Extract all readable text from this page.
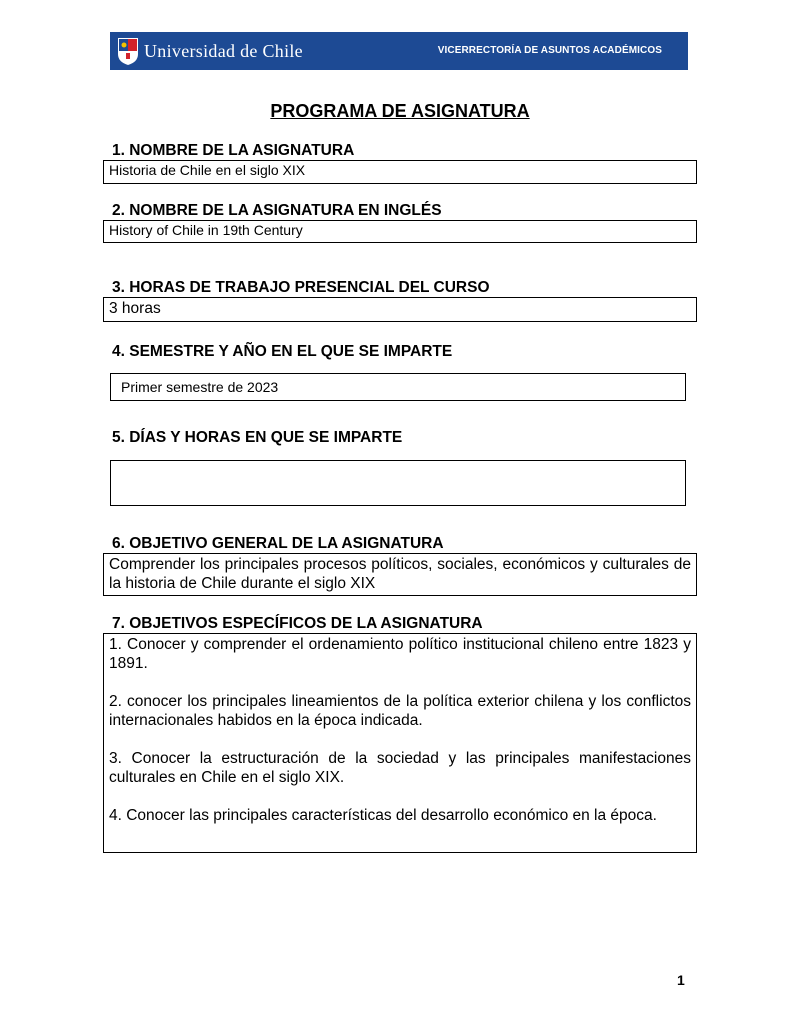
Universidad de Chile	VICERRECTORÍA DE ASUNTOS ACADÉMICOS
PROGRAMA DE ASIGNATURA
1. NOMBRE DE LA ASIGNATURA
Historia de Chile en el siglo XIX
2. NOMBRE DE LA ASIGNATURA EN INGLÉS
History of Chile in 19th Century
3. HORAS DE TRABAJO PRESENCIAL DEL CURSO
3 horas
4. SEMESTRE Y AÑO EN EL QUE SE IMPARTE
Primer semestre de 2023
5. DÍAS Y HORAS EN QUE SE IMPARTE
6. OBJETIVO GENERAL DE LA ASIGNATURA

Comprender los principales procesos políticos, sociales, económicos y culturales de la historia de Chile durante el siglo XIX

7. OBJETIVOS ESPECÍFICOS DE LA ASIGNATURA

1. Conocer y comprender el ordenamiento político institucional chileno entre 1823 y 1891.

2. conocer los principales lineamientos de la política exterior chilena y los conflictos internacionales habidos en la época indicada.

3. Conocer la estructuración de la sociedad y las principales manifestaciones culturales en Chile en el siglo XIX.

4. Conocer las principales características del desarrollo económico en la época.

1
